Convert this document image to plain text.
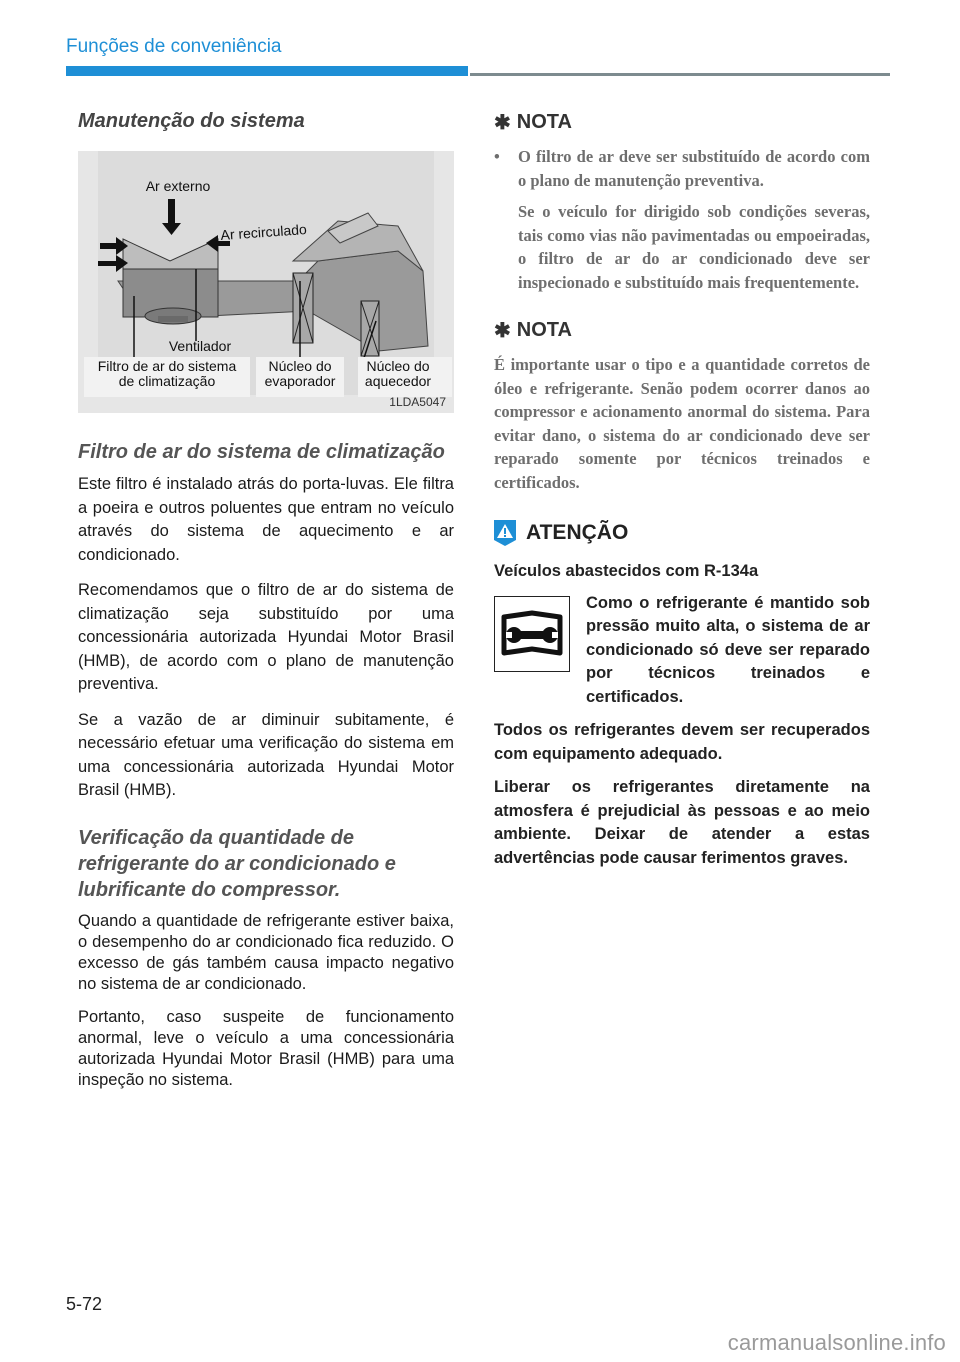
Funções de conveniência
Manutenção do sistema
Ar externo
Ar recirculado
Ventilador
Filtro de ar do sistema
de climatização
Núcleo do
evaporador
Núcleo do
aquecedor
1LDA5047
Filtro de ar do sistema de climatização

Este filtro é instalado atrás do porta-luvas. Ele filtra a poeira e outros poluentes que entram no veículo através do sistema de aquecimento e ar condicionado.

Recomendamos que o filtro de ar do sistema de climatização seja substituído por uma concessionária autorizada Hyundai Motor Brasil (HMB), de acordo com o plano de manutenção preventiva.

Se a vazão de ar diminuir subitamente, é necessário efetuar uma verificação do sistema em uma concessionária autorizada Hyundai Motor Brasil (HMB).

Verificação da quantidade de refrigerante do ar condicionado e lubrificante do compressor.

Quando a quantidade de refrigerante estiver baixa, o desempenho do ar condicionado fica reduzido. O excesso de gás também causa impacto negativo no sistema de ar condicionado.

Portanto, caso suspeite de funcionamento anormal, leve o veículo a uma concessionária autorizada Hyundai Motor Brasil (HMB) para uma inspeção no sistema.

✱ NOTA
•	O filtro de ar deve ser substituído de acordo com o plano de manutenção preventiva.
Se o veículo for dirigido sob condições severas, tais como vias não pavimentadas ou empoeiradas, o filtro de ar do ar condicionado deve ser inspecionado e substituído mais frequentemente.
✱ NOTA
É importante usar o tipo e a quantidade corretos de óleo e refrigerante. Senão podem ocorrer danos ao compressor e acionamento anormal do sistema. Para evitar dano, o sistema do ar condicionado deve ser reparado somente por técnicos treinados e certificados.
ATENÇÃO
Veículos abastecidos com R-134a
Como o refrigerante é mantido sob pressão muito alta, o sistema de ar condicionado só deve ser reparado por técnicos treinados e certificados.
Todos os refrigerantes devem ser recuperados com equipamento adequado.
Liberar os refrigerantes diretamente na atmosfera é prejudicial às pessoas e ao meio ambiente. Deixar de atender a estas advertências pode causar ferimentos graves.
5-72
carmanualsonline.info
